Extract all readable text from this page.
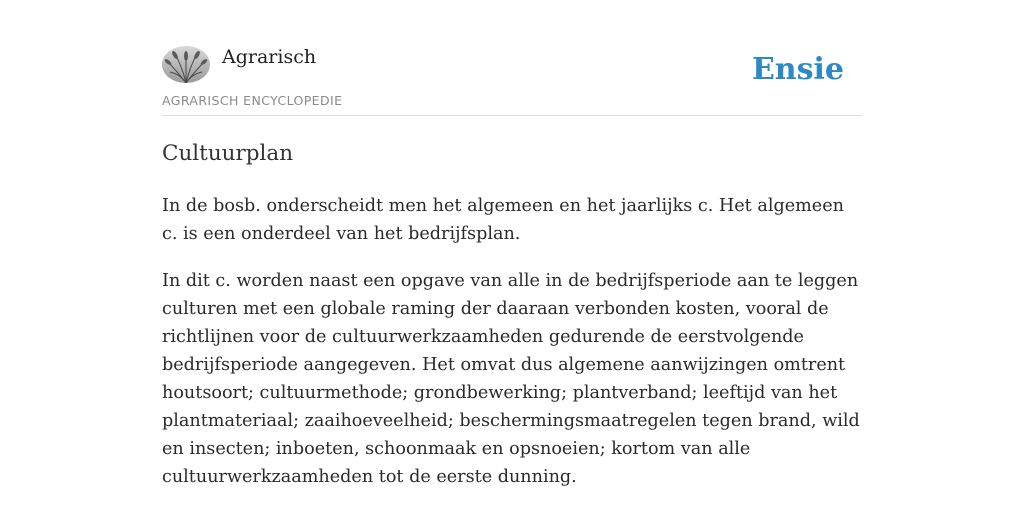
Agrarisch
AGRARISCH ENCYCLOPEDIE
Ensie
Cultuurplan

In de bosb. onderscheidt men het algemeen en het jaarlijks c. Het algemeen c. is een onderdeel van het bedrijfsplan.

In dit c. worden naast een opgave van alle in de bedrijfsperiode aan te leggen culturen met een globale raming der daaraan verbonden kosten, vooral de richtlijnen voor de cultuurwerkzaamheden gedurende de eerstvolgende bedrijfsperiode aangegeven. Het omvat dus algemene aanwijzingen omtrent houtsoort; cultuurmethode; grondbewerking; plantverband; leeftijd van het plantmateriaal; zaaihoeveelheid; beschermingsmaatregelen tegen brand, wild en insecten; inboeten, schoonmaak en opsnoeien; kortom van alle cultuurwerkzaamheden tot de eerste dunning.
